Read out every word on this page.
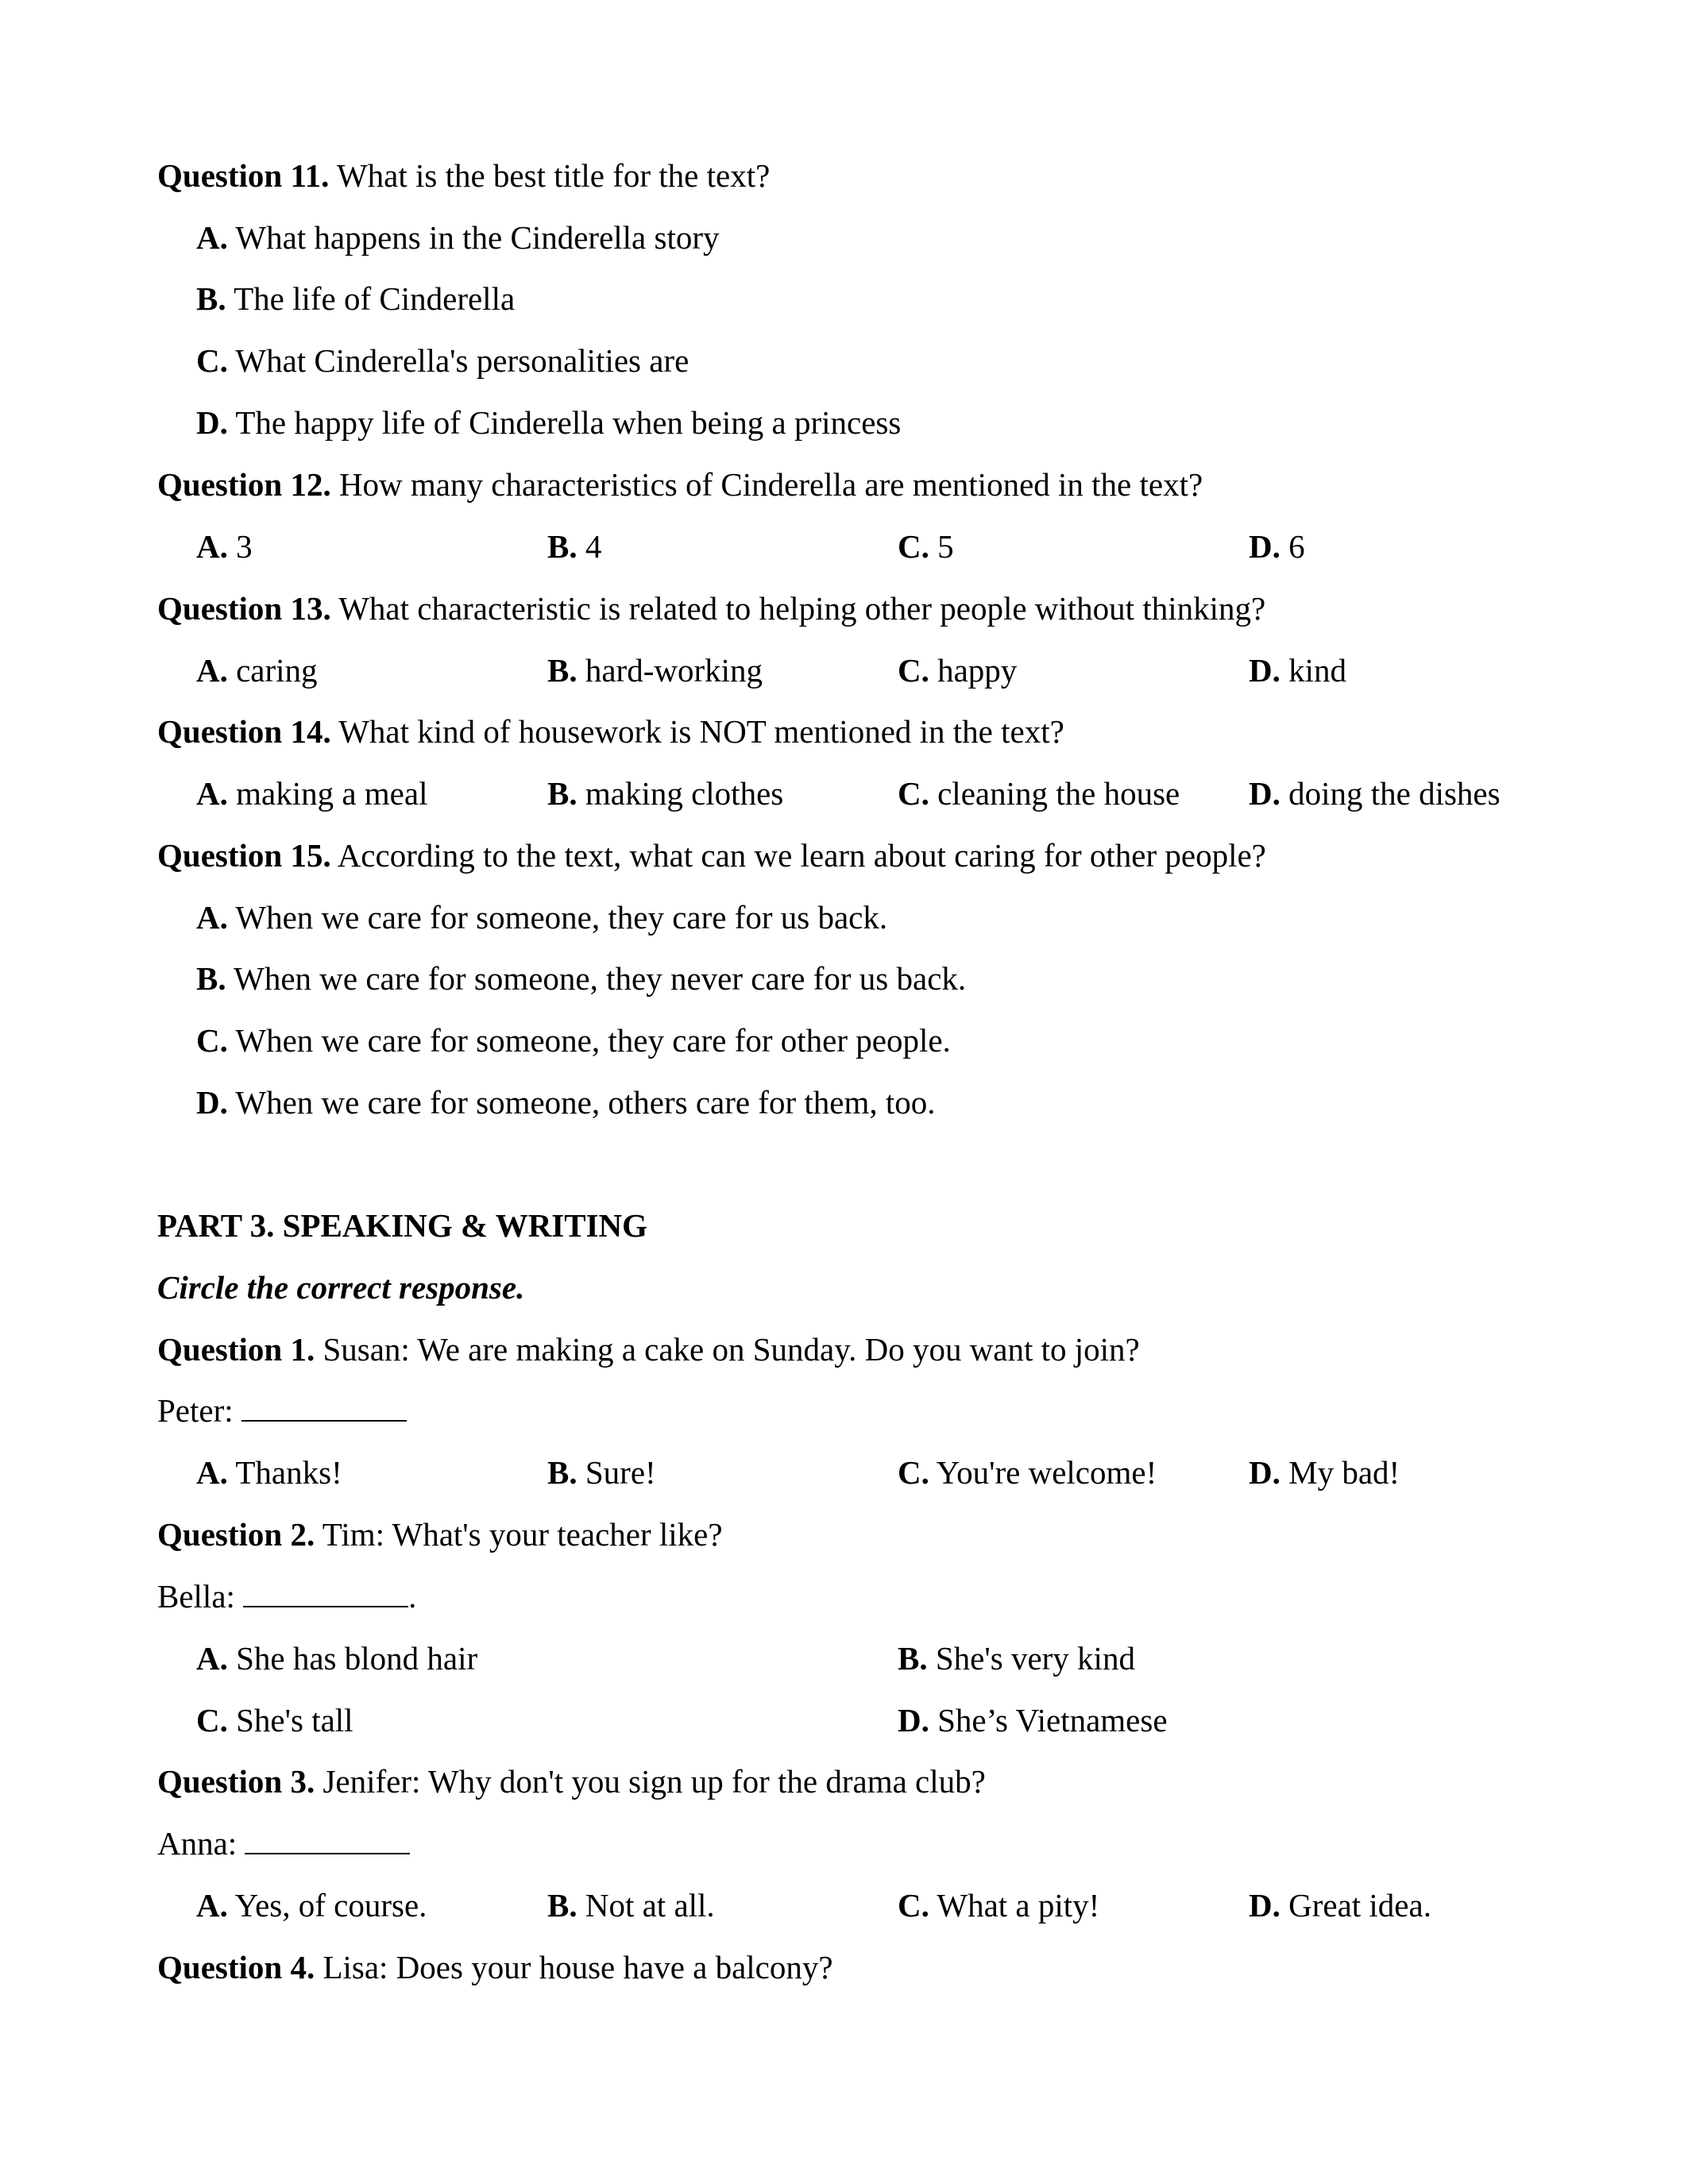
Question 11. What is the best title for the text?
A. What happens in the Cinderella story
B. The life of Cinderella
C. What Cinderella's personalities are
D. The happy life of Cinderella when being a princess
Question 12. How many characteristics of Cinderella are mentioned in the text?
A. 3	B. 4	C. 5	D. 6
Question 13. What characteristic is related to helping other people without thinking?
A. caring	B. hard-working	C. happy	D. kind
Question 14. What kind of housework is NOT mentioned in the text?
A. making a meal	B. making clothes	C. cleaning the house D. doing the dishes
Question 15. According to the text, what can we learn about caring for other people?
A. When we care for someone, they care for us back.
B. When we care for someone, they never care for us back.
C. When we care for someone, they care for other people.
D. When we care for someone, others care for them, too.
PART 3. SPEAKING & WRITING
Circle the correct response.
Question 1. Susan: We are making a cake on Sunday. Do you want to join?
Peter:
A. Thanks!	B. Sure!	C. You're welcome!	D. My bad!
Question 2. Tim: What's your teacher like?
Bella:	.
A. She has blond hair	B. She's very kind
C. She's tall	D. She’s Vietnamese
Question 3. Jenifer: Why don't you sign up for the drama club?
Anna:
A. Yes, of course.	B. Not at all.	C. What a pity!	D. Great idea.
Question 4. Lisa: Does your house have a balcony?
